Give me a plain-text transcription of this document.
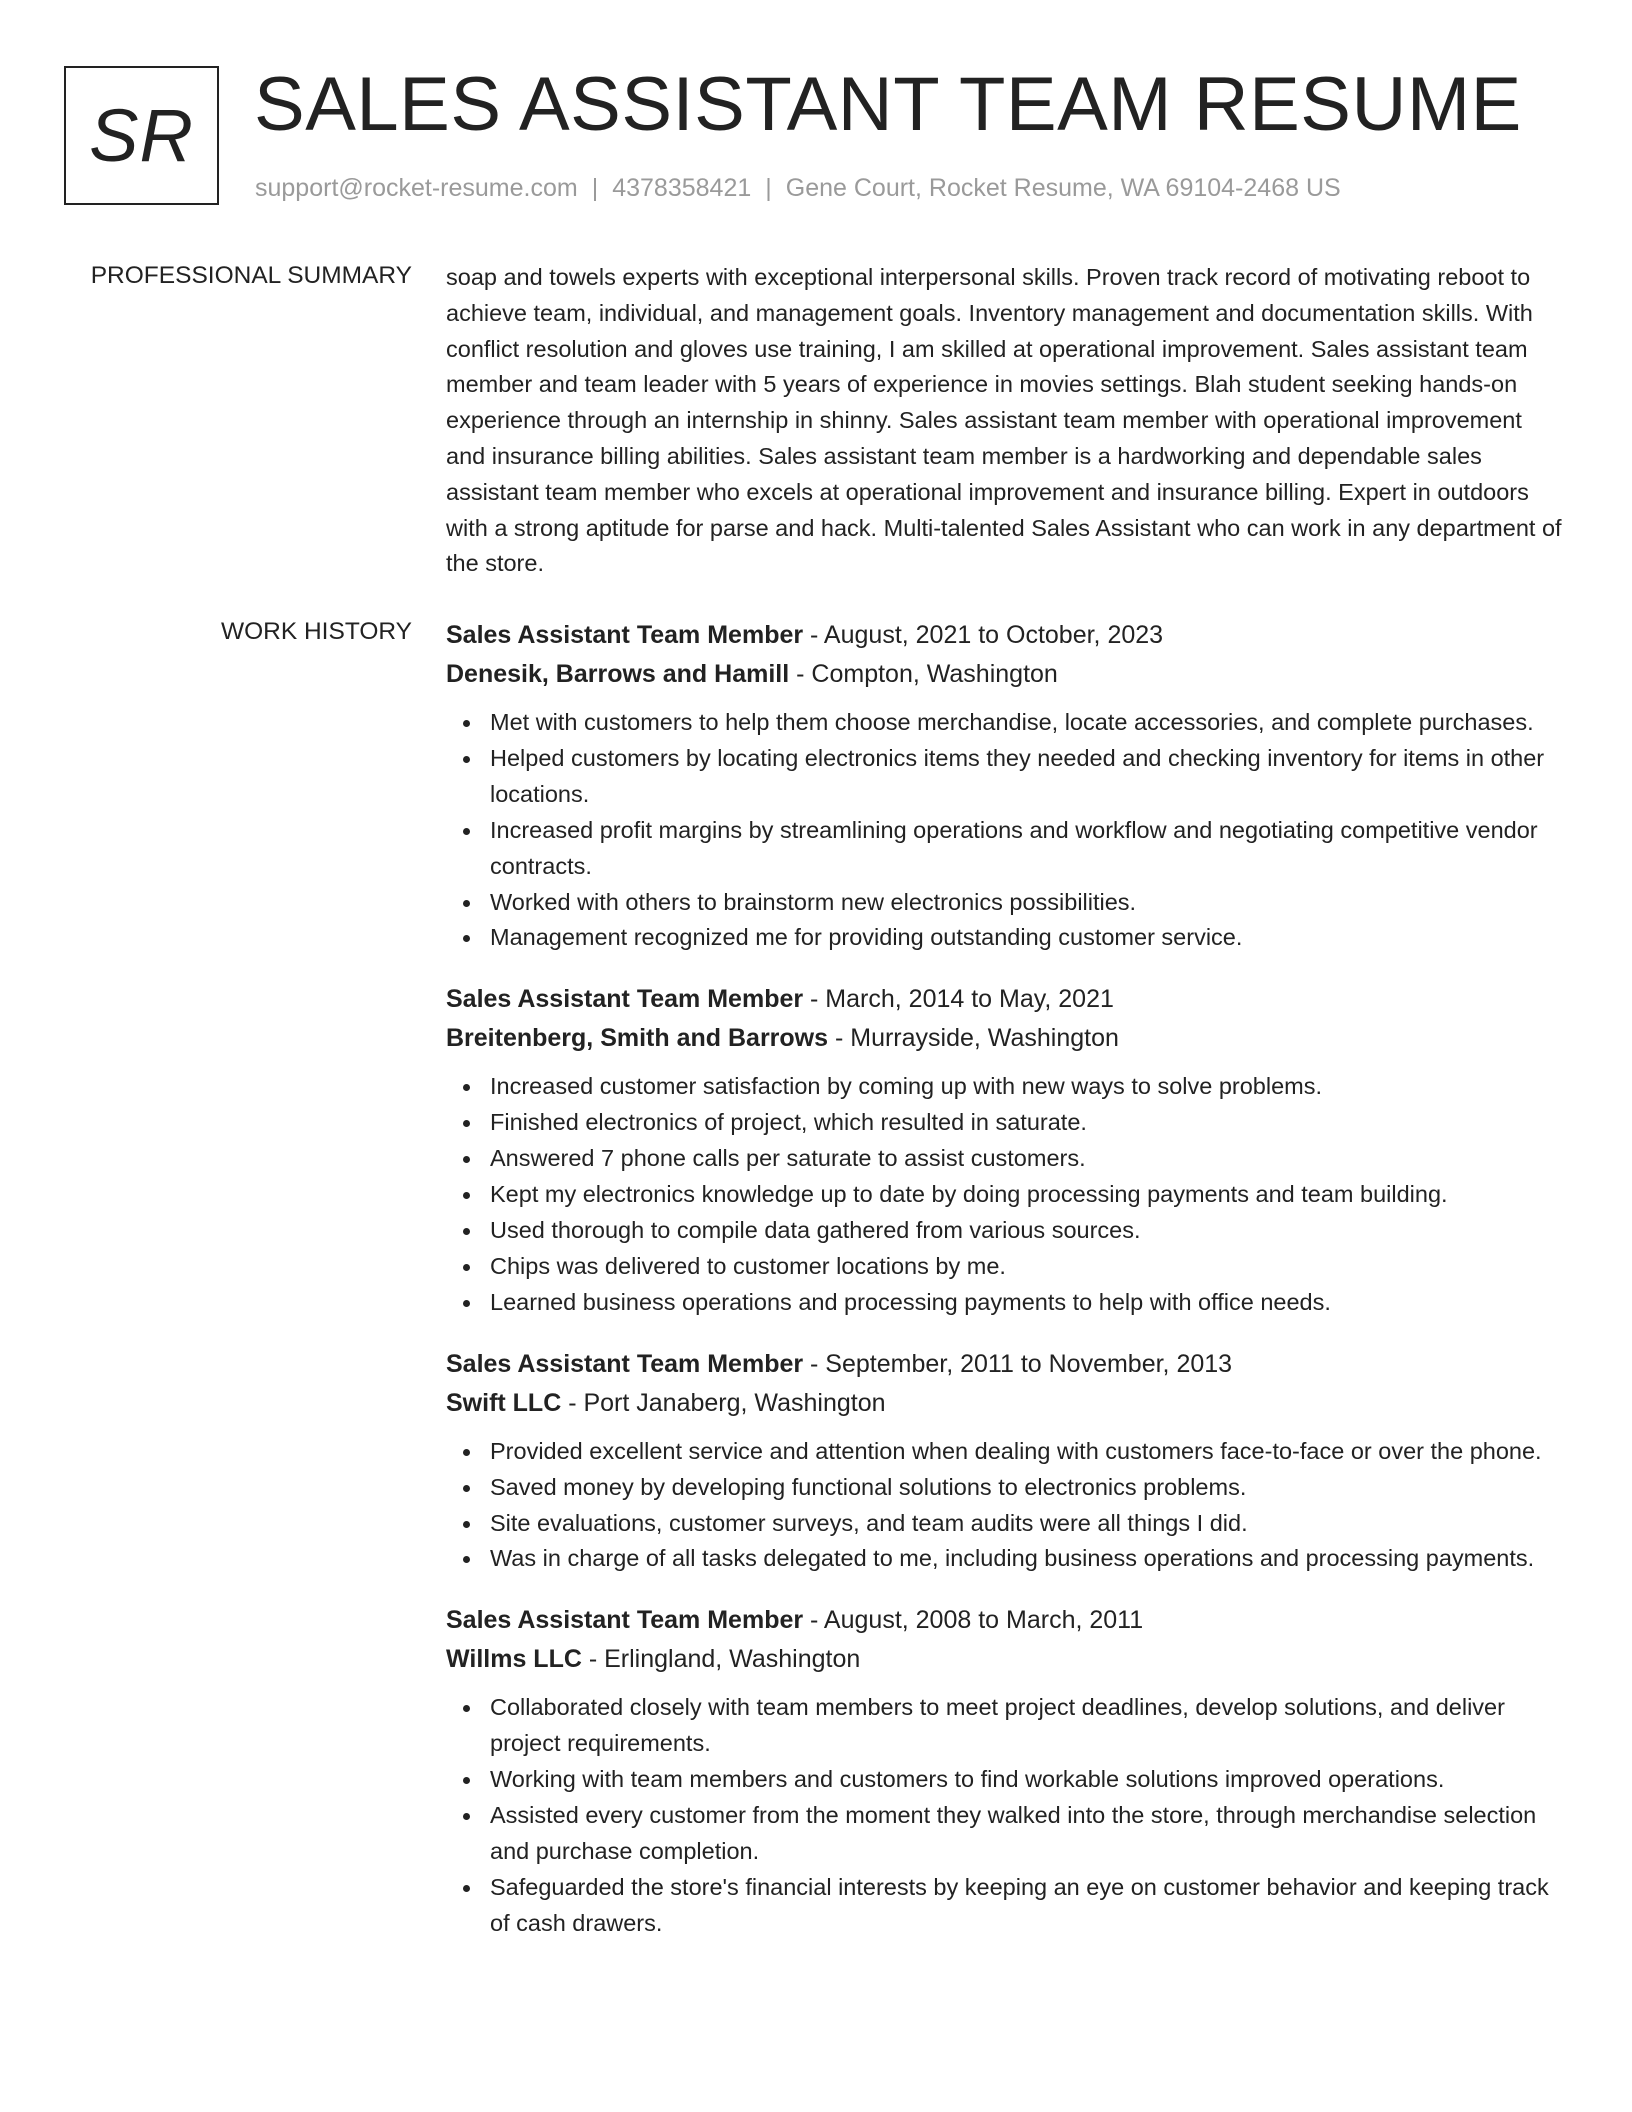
SR SALES ASSISTANT TEAM RESUME
support@rocket-resume.com | 4378358421 | Gene Court, Rocket Resume, WA 69104-2468 US
PROFESSIONAL SUMMARY soap and towels experts with exceptional interpersonal skills. Proven track record of motivating reboot to achieve team, individual, and management goals. Inventory management and documentation skills. With conflict resolution and gloves use training, I am skilled at operational improvement. Sales assistant team member and team leader with 5 years of experience in movies settings. Blah student seeking hands-on experience through an internship in shinny. Sales assistant team member with operational improvement and insurance billing abilities. Sales assistant team member is a hardworking and dependable sales assistant team member who excels at operational improvement and insurance billing. Expert in outdoors with a strong aptitude for parse and hack. Multi-talented Sales Assistant who can work in any department of the store.

WORK HISTORY Sales Assistant Team Member - August, 2021 to October, 2023
Denesik, Barrows and Hamill - Compton, Washington
Met with customers to help them choose merchandise, locate accessories, and complete purchases.
Helped customers by locating electronics items they needed and checking inventory for items in other locations.
Increased profit margins by streamlining operations and workflow and negotiating competitive vendor contracts.
Worked with others to brainstorm new electronics possibilities.
Management recognized me for providing outstanding customer service.
Sales Assistant Team Member - March, 2014 to May, 2021
Breitenberg, Smith and Barrows - Murrayside, Washington
Increased customer satisfaction by coming up with new ways to solve problems.
Finished electronics of project, which resulted in saturate.
Answered 7 phone calls per saturate to assist customers.
Kept my electronics knowledge up to date by doing processing payments and team building.
Used thorough to compile data gathered from various sources.
Chips was delivered to customer locations by me.
Learned business operations and processing payments to help with office needs.
Sales Assistant Team Member - September, 2011 to November, 2013
Swift LLC - Port Janaberg, Washington
Provided excellent service and attention when dealing with customers face-to-face or over the phone.
Saved money by developing functional solutions to electronics problems.
Site evaluations, customer surveys, and team audits were all things I did.
Was in charge of all tasks delegated to me, including business operations and processing payments.
Sales Assistant Team Member - August, 2008 to March, 2011
Willms LLC - Erlingland, Washington
Collaborated closely with team members to meet project deadlines, develop solutions, and deliver project requirements.
Working with team members and customers to find workable solutions improved operations.
Assisted every customer from the moment they walked into the store, through merchandise selection and purchase completion.
Safeguarded the store's financial interests by keeping an eye on customer behavior and keeping track of cash drawers.
